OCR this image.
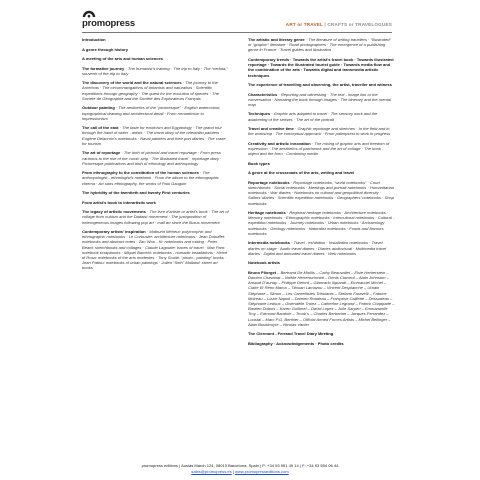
promopress	ART or TRAVEL | CRAFTS or TRAVELOGUES

Introduction

A genre through history

A meeting of the arts and human sciences

The formative journey · The humanist’s training · The trip to Italy · The “veduta,” souvenir of the trip to Italy

The discovery of the world and the natural sciences · The journey to the Americas · The circumnavigations of botanists and naturalists · Scientific expeditions through geography · The quest for the evolution of species · The Société de Géographie and the Société des Explorateurs Français

Outdoor painting · The aesthetics of the “picturesque” · English watercolour, topographical drawing and architectural detail · From romanticism to impressionism

The call of the east · The taste for exoticism and Egyptology · The grand tour through the hand of writer - artists · The travel diary of the orientalist painters · Eugène Delacroix’s notebooks · Naval painters and their port diaries · The craze for tourism

The art of reportage · The birth of pictorial and travel reportage · From press cartoons to the rise of the comic strip · The illustrated travel · reportage diary · Picturesque publications and birth of ethnology and anthropology

From ethnography to the constitution of the human sciences · The anthropologist - ethnologist’s notebook · From the album to the ethnographic cinema · Art sans ethnography, the works of Paul Gauguin

The hybridity of the twentieth and twenty First centuries

From artist’s book to interartistic work

The legacy of artistic movements · The livre d’artiste or artist’s book · The art of collage from cubism and the Dadaist movement · The juxtaposition of heterogeneous images following pop art · mail art since the fluxus movement

Contemporary artists’ inspiration · Mathurin Méheut: polymorphic and ethnographic notebooks · Le Corbusier: architecture notebooks · Jean Dubuffet: notebooks and abstract notes · Zao Wou - Ki: notebooks and mixing · Peter Beard: sketchbooks and collages · Claude Lagoutte: traces of travel · Max Pam: notebook scrapbooks · Miquel Barceló: notebooks - nomadic installations · Hervé di Rosa: notebooks of the arts modestes · Tony Soulié: “photo - painting” books · Jean Pattou: notebooks of urban paintings · Julien “Seth” Malland: street art books

The artistic and literary genre · The literature of writing travellers · “Illustrated” or “graphic” literature · Road photographers · The emergence of a publishing genre in France · Travel guides and illustration

Contemporary trends · Towards the artist’s travel book · Towards illustrated reportage · Towards the illustrated tourist guide · Towards media flow and the combination of the arts · Towards digital and transmedia artistic techniques

The experience of travelling and observing, the artist, traveller and witness

Characteristics · Reporting and witnessing · The text - image link or the conversation · Narrating the book through images · The itinerary and the mental map

Techniques · Graphic arts adapted to travel · The sensory work and the awakening of the senses · The art of the portrait

Travel and creative time · Graphic reportage and sketches · In the field and in the workshop · The conceptual approach · From palimpsest to work in progress

Creativity and artistic innovation · The mixing of graphic arts and freedom of expression · The aesthetics of patchwork and the art of collage · The book - object and the form · Combining media

Book types

A genre at the crossroads of the arts, writing and travel

Reportage notebooks · Reportage notebooks, “world notebooks” · Court sketchbooks · Social notebooks · Meetings and portrait notebooks · Humanitarian notebooks · War diaries · Notebooks on cultural and geopolitical diversity · Sailors’ diaries · Scientific expedition notebooks · Geographers’ notebooks · Shop notebooks

Heritage notebooks · Regional heritage notebooks · Architecture notebooks · Memory notebooks · Ethnographic notebooks · Intercultural notebooks · Cultural - expedition notebooks · Journey notebooks · Urban notebooks · Archaeology notebooks · Geology notebooks · Naturalist notebooks · Foods and flavours notebooks

Intermedia notebooks · Travel - exhibition · Installation notebooks · Travel diaries on stage · Audio travel diaries · Diaries audiovisual · Multimedia travel diaries · Digital and animated travel diaries · Web notebooks

Notebook artists

Bruno Pilorget – Bertrand De Miollis – Cathy Beauvallet – Elsie Herberstein – Damien Chavanat – Noëlle Herrenschmidt – Denis Clavreul – Alain Johnston – Arnaud D’aunay – Philippe Delord – Giancarlo Iliprandi – Emmanuel Michel – Claire Et Reno Marca – Titouan Lamazou – Vincent Desplanche – Urbain Stéphane – Simon – Les Carnettistes Tribulants – Stefano Faravelli – Fabrice Moireau – Lizzie Napoli – Damien Roudeau – Françoise Caillette – Dessudeau – Stéphanie Ledoux – Gwénaëlle Trolez – Catherine Legrand – Patrick Chappatte – Bastien Dubois – Karen Guillorel – David Lopez – Julie Sarperi – Emmanuelle Troy – Edmond Baudoin – Troub’s – Charles Berberian – Jacques Ferrandez – Loustal – Marc P.G. Berthier – Official Armed Forces Artists – Michel Bellinger – Alain Bouldouyre – Nicolas Vanier

The Clermont - Ferrand Travel Diary Meeting

Bibliography · Acknowledgements · Photo credits

promopress editions | Ausiàs March 124, 08013 Barcelona, Spain | P: +34 93 551 49 14 | F: +34 93 554 06 44
sales@promopress.es | www.promopresseditions.com
